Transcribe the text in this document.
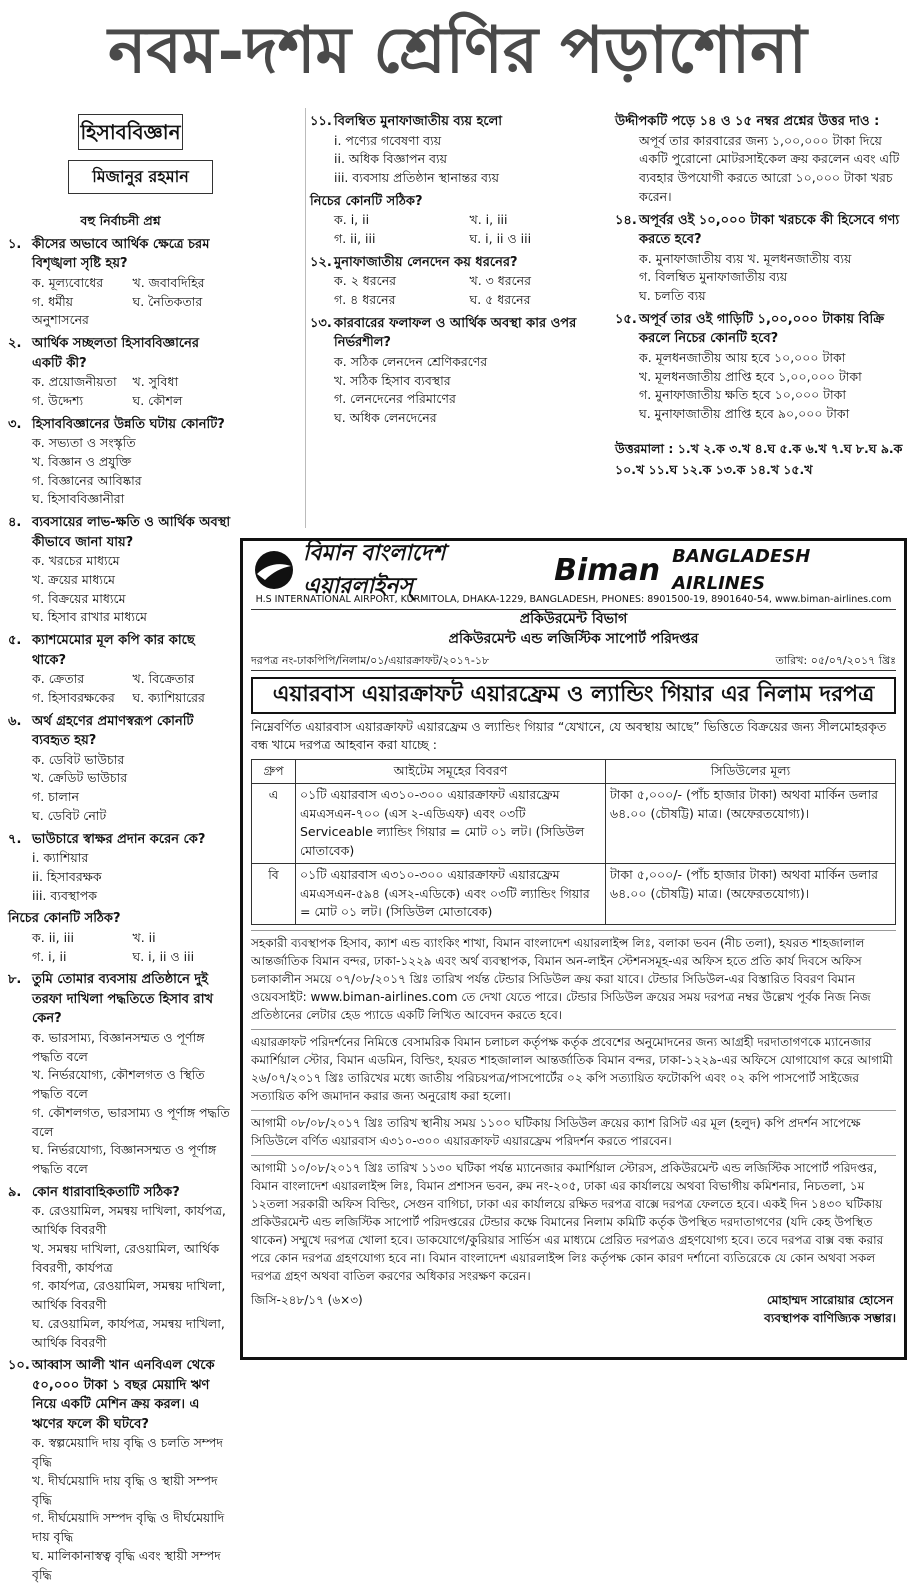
নবম-দশম শ্রেণির পড়াশোনা
হিসাববিজ্ঞান
মিজানুর রহমান
বহু নির্বাচনী প্রশ্ন
১. কীসের অভাবে আর্থিক ক্ষেত্রে চরম বিশৃঙ্খলা সৃষ্টি হয়?
ক. মূল্যবোধের	খ. জবাবদিহির
গ. ধর্মীয় অনুশাসনের
ঘ. নৈতিকতার
২. আর্থিক সচ্ছলতা হিসাববিজ্ঞানের একটি কী?
ক. প্রয়োজনীয়তা	খ. সুবিধা
গ. উদ্দেশ্য	ঘ. কৌশল
৩. হিসাববিজ্ঞানের উন্নতি ঘটায় কোনটি?
ক. সভ্যতা ও সংস্কৃতি
খ. বিজ্ঞান ও প্রযুক্তি
গ. বিজ্ঞানের আবিষ্কার
ঘ. হিসাববিজ্ঞানীরা
৪. ব্যবসায়ের লাভ-ক্ষতি ও আর্থিক অবস্থা কীভাবে জানা যায়?
ক. খরচের মাধ্যমে
খ. ক্রয়ের মাধ্যমে
গ. বিক্রয়ের মাধ্যমে
ঘ. হিসাব রাখার মাধ্যমে
৫. ক্যাশমেমোর মূল কপি কার কাছে থাকে?
ক. ক্রেতার	খ. বিক্রেতার
গ. হিসাবরক্ষকের	ঘ. ক্যাশিয়ারের
৬. অর্থ গ্রহণের প্রমাণস্বরূপ কোনটি ব্যবহৃত হয়?
ক. ডেবিট ভাউচার
খ. ক্রেডিট ভাউচার
গ. চালান
ঘ. ডেবিট নোট
৭. ভাউচারে স্বাক্ষর প্রদান করেন কে?
i. ক্যাশিয়ার
ii. হিসাবরক্ষক
iii. ব্যবস্থাপক
নিচের কোনটি সঠিক?
ক. ii, iii	খ. ii
গ. i, ii	ঘ. i, ii ও iii
৮. তুমি তোমার ব্যবসায় প্রতিষ্ঠানে দুই তরফা দাখিলা পদ্ধতিতে হিসাব রাখ কেন?
ক. ভারসাম্য, বিজ্ঞানসম্মত ও পূর্ণাঙ্গ পদ্ধতি বলে
খ. নির্ভরযোগ্য, কৌশলগত ও স্থিতি পদ্ধতি বলে
গ. কৌশলগত, ভারসাম্য ও পূর্ণাঙ্গ পদ্ধতি বলে
ঘ. নির্ভরযোগ্য, বিজ্ঞানসম্মত ও পূর্ণাঙ্গ পদ্ধতি বলে
৯. কোন ধারাবাহিকতাটি সঠিক?
ক. রেওয়ামিল, সমন্বয় দাখিলা, কার্যপত্র, আর্থিক বিবরণী
খ. সমন্বয় দাখিলা, রেওয়ামিল, আর্থিক বিবরণী, কার্যপত্র
গ. কার্যপত্র, রেওয়ামিল, সমন্বয় দাখিলা, আর্থিক বিবরণী
ঘ. রেওয়ামিল, কার্যপত্র, সমন্বয় দাখিলা, আর্থিক বিবরণী
১০. আব্বাস আলী খান এনবিএল থেকে ৫০,০০০ টাকা ১ বছর মেয়াদি ঋণ নিয়ে একটি মেশিন ক্রয় করল। এ ঋণের ফলে কী ঘটবে?
ক. স্বল্পমেয়াদি দায় বৃদ্ধি ও চলতি সম্পদ বৃদ্ধি
খ. দীর্ঘমেয়াদি দায় বৃদ্ধি ও স্থায়ী সম্পদ বৃদ্ধি
গ. দীর্ঘমেয়াদি সম্পদ বৃদ্ধি ও দীর্ঘমেয়াদি দায় বৃদ্ধি
ঘ. মালিকানাস্বত্ব বৃদ্ধি এবং স্থায়ী সম্পদ বৃদ্ধি
১১. বিলম্বিত মুনাফাজাতীয় ব্যয় হলো
i. পণ্যের গবেষণা ব্যয়
ii. অধিক বিজ্ঞাপন ব্যয়
iii. ব্যবসায় প্রতিষ্ঠান স্থানান্তর ব্যয়
নিচের কোনটি সঠিক?
ক. i, ii	খ. i, iii
গ. ii, iii	ঘ. i, ii ও iii
১২. মুনাফাজাতীয় লেনদেন কয় ধরনের?
ক. ২ ধরনের	খ. ৩ ধরনের
গ. ৪ ধরনের	ঘ. ৫ ধরনের
১৩. কারবারের ফলাফল ও আর্থিক অবস্থা কার ওপর নির্ভরশীল?
ক. সঠিক লেনদেন শ্রেণিকরণের
খ. সঠিক হিসাব ব্যবস্থার
গ. লেনদেনের পরিমাণের
ঘ. অধিক লেনদেনের
উদ্দীপকটি পড়ে ১৪ ও ১৫ নম্বর প্রশ্নের উত্তর দাও :
অপূর্ব তার কারবারের জন্য ১,০০,০০০ টাকা দিয়ে একটি পুরোনো মোটরসাইকেল ক্রয় করলেন এবং এটি ব্যবহার উপযোগী করতে আরো ১০,০০০ টাকা খরচ করেন।
১৪. অপূর্বর ওই ১০,০০০ টাকা খরচকে কী হিসেবে গণ্য করতে হবে?
ক. মুনাফাজাতীয় ব্যয় খ. মূলধনজাতীয় ব্যয়
গ. বিলম্বিত মুনাফাজাতীয় ব্যয়
ঘ. চলতি ব্যয়
১৫. অপূর্ব তার ওই গাড়িটি ১,০০,০০০ টাকায় বিক্রি করলে নিচের কোনটি হবে?
ক. মূলধনজাতীয় আয় হবে ১০,০০০ টাকা
খ. মূলধনজাতীয় প্রাপ্তি হবে ১,০০,০০০ টাকা
গ. মুনাফাজাতীয় ক্ষতি হবে ১০,০০০ টাকা
ঘ. মুনাফাজাতীয় প্রাপ্তি হবে ৯০,০০০ টাকা
উত্তরমালা : ১.খ ২.ক ৩.খ ৪.ঘ ৫.ক ৬.খ ৭.ঘ ৮.ঘ ৯.ক ১০.খ ১১.ঘ ১২.ক ১৩.ক ১৪.খ ১৫.খ
বিমান বাংলাদেশ এয়ারলাইনস্	Biman BANGLADESH AIRLINES
H.S INTERNATIONAL AIRPORT, KURMITOLA, DHAKA-1229, BANGLADESH, PHONES: 8901500-19, 8901640-54, www.biman-airlines.com
প্রকিউরমেন্ট বিভাগ
প্রকিউরমেন্ট এন্ড লজিস্টিক সাপোর্ট পরিদপ্তর
দরপত্র নং-ঢাকপিপি/নিলাম/০১/এয়ারক্রাফট/২০১৭-১৮	তারিখ: ০৫/০৭/২০১৭ খ্রিঃ
এয়ারবাস এয়ারক্রাফট এয়ারফ্রেম ও ল্যান্ডিং গিয়ার এর নিলাম দরপত্র
নিম্নেবর্ণিত এয়ারবাস এয়ারক্রাফট এয়ারফ্রেম ও ল্যান্ডিং গিয়ার “যেখানে, যে অবস্থায় আছে” ভিত্তিতে বিক্রয়ের জন্য সীলমোহরকৃত বন্ধ খামে দরপত্র আহবান করা যাচ্ছে :
গ্রুপ	আইটেম সমূহের বিবরণ	সিডিউলের মূল্য
এ	০১টি এয়ারবাস এ৩১০-৩০০ এয়ারক্রাফট এয়ারফ্রেম এমএসএন-৭০০ (এস ২-এডিএফ) এবং ০৩টি Serviceable ল্যান্ডিং গিয়ার = মোট ০১ লট। (সিডিউল মোতাবেক)	টাকা ৫,০০০/- (পাঁচ হাজার টাকা) অথবা মার্কিন ডলার ৬৪.০০ (চৌষট্টি) মাত্র। (অফেরতযোগ্য)।
বি	০১টি এয়ারবাস এ৩১০-৩০০ এয়ারক্রাফট এয়ারফ্রেম এমএসএন-৫৯৪ (এস২-এডিকে) এবং ০৩টি ল্যান্ডিং গিয়ার = মোট ০১ লট। (সিডিউল মোতাবেক)	টাকা ৫,০০০/- (পাঁচ হাজার টাকা) অথবা মার্কিন ডলার ৬৪.০০ (চৌষট্টি) মাত্র। (অফেরতযোগ্য)।
সহকারী ব্যবস্থাপক হিসাব, ক্যাশ এন্ড ব্যাংকিং শাখা, বিমান বাংলাদেশ এয়ারলাইন্স লিঃ, বলাকা ভবন (নীচ তলা), হযরত শাহজালাল আন্তর্জাতিক বিমান বন্দর, ঢাকা-১২২৯ এবং অর্থ ব্যবস্থাপক, বিমান অন-লাইন স্টেশনসমূহ-এর অফিস হতে প্রতি কার্য দিবসে অফিস চলাকালীন সময়ে ০৭/০৮/২০১৭ খ্রিঃ তারিখ পর্যন্ত টেন্ডার সিডিউল ক্রয় করা যাবে। টেন্ডার সিডিউল-এর বিস্তারিত বিবরণ বিমান ওয়েবসাইট: www.biman-airlines.com তে দেখা যেতে পারে। টেন্ডার সিডিউল ক্রয়ের সময় দরপত্র নম্বর উল্লেখ পূর্বক নিজ নিজ প্রতিষ্ঠানের লেটার হেড প্যাডে একটি লিখিত আবেদন করতে হবে।
এয়ারক্রাফট পরিদর্শনের নিমিত্তে বেসামরিক বিমান চলাচল কর্তৃপক্ষ কর্তৃক প্রবেশের অনুমোদনের জন্য আগ্রহী দরদাতাগণকে ম্যানেজার কমার্শিয়াল স্টোর, বিমান এডমিন, বিল্ডিং, হযরত শাহজালাল আন্তর্জাতিক বিমান বন্দর, ঢাকা-১২২৯-এর অফিসে যোগাযোগ করে আগামী ২৬/০৭/২০১৭ খ্রিঃ তারিখের মধ্যে জাতীয় পরিচয়পত্র/পাসপোর্টের ০২ কপি সত্যায়িত ফটোকপি এবং ০২ কপি পাসপোর্ট সাইজের সত্যায়িত কপি জমাদান করার জন্য অনুরোধ করা হলো।
আগামী ০৮/০৮/২০১৭ খ্রিঃ তারিখ স্থানীয় সময় ১১০০ ঘটিকায় সিডিউল ক্রয়ের ক্যাশ রিসিট এর মূল (হলুদ) কপি প্রদর্শন সাপেক্ষে সিডিউলে বর্ণিত এয়ারবাস এ৩১০-৩০০ এয়ারক্রাফট এয়ারফ্রেম পরিদর্শন করতে পারবেন।
আগামী ১০/০৮/২০১৭ খ্রিঃ তারিখ ১১৩০ ঘটিকা পর্যন্ত ম্যানেজার কমার্শিয়াল স্টোরস, প্রকিউরমেন্ট এন্ড লজিস্টিক সাপোর্ট পরিদপ্তর, বিমান বাংলাদেশ এয়ারলাইন্স লিঃ, বিমান প্রশাসন ভবন, রুম নং-২০৫, ঢাকা এর কার্যালয়ে অথবা বিভাগীয় কমিশনার, নিচতলা, ১ম ১২তলা সরকারী অফিস বিল্ডিং, সেগুন বাগিচা, ঢাকা এর কার্যালয়ে রক্ষিত দরপত্র বাক্সে দরপত্র ফেলতে হবে। একই দিন ১৪৩০ ঘটিকায় প্রকিউরমেন্ট এন্ড লজিস্টিক সাপোর্ট পরিদপ্তরের টেন্ডার কক্ষে বিমানের নিলাম কমিটি কর্তৃক উপস্থিত দরদাতাগণের (যদি কেহ উপস্থিত থাকেন) সম্মুখে দরপত্র খোলা হবে। ডাকযোগে/কুরিয়ার সার্ভিস এর মাধ্যমে প্রেরিত দরপত্রও গ্রহণযোগ্য হবে। তবে দরপত্র বাক্স বন্ধ করার পরে কোন দরপত্র গ্রহণযোগ্য হবে না। বিমান বাংলাদেশ এয়ারলাইন্স লিঃ কর্তৃপক্ষ কোন কারণ দর্শানো ব্যতিরেকে যে কোন অথবা সকল দরপত্র গ্রহণ অথবা বাতিল করণের অধিকার সংরক্ষণ করেন।
জিসি-২৪৮/১৭ (৬×৩)	মোহাম্মদ সারোয়ার হোসেন
ব্যবস্থাপক বাণিজ্যিক সম্ভার।
